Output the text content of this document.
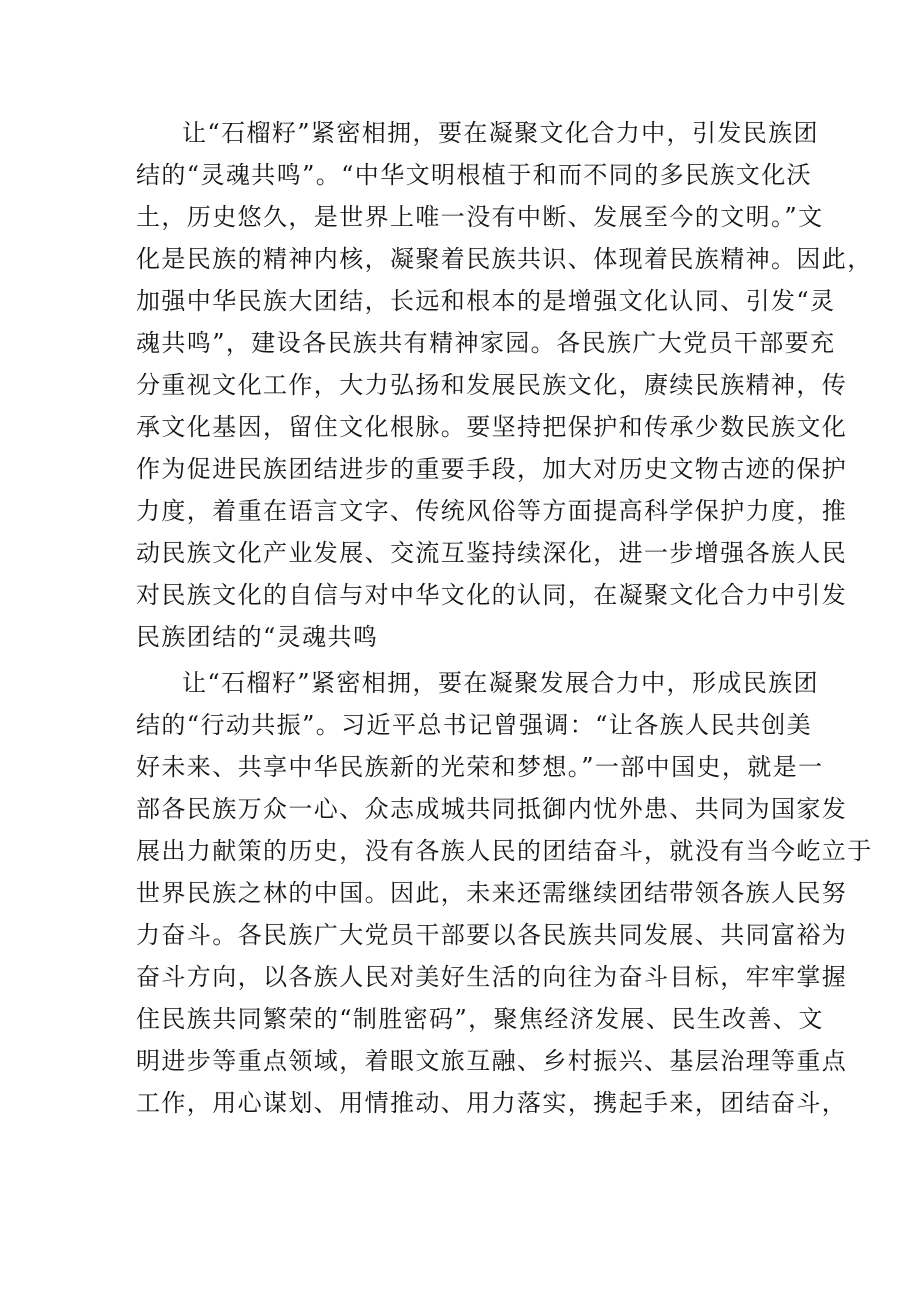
让“石榴籽”紧密相拥，要在凝聚文化合力中，引发民族团
结的“灵魂共鸣”。“中华文明根植于和而不同的多民族文化沃
土，历史悠久，是世界上唯一没有中断、发展至今的文明。”文
化是民族的精神内核，凝聚着民族共识、体现着民族精神。因此，
加强中华民族大团结，长远和根本的是增强文化认同、引发“灵
魂共鸣”，建设各民族共有精神家园。各民族广大党员干部要充
分重视文化工作，大力弘扬和发展民族文化，赓续民族精神，传
承文化基因，留住文化根脉。要坚持把保护和传承少数民族文化
作为促进民族团结进步的重要手段，加大对历史文物古迹的保护
力度，着重在语言文字、传统风俗等方面提高科学保护力度，推
动民族文化产业发展、交流互鉴持续深化，进一步增强各族人民
对民族文化的自信与对中华文化的认同，在凝聚文化合力中引发
民族团结的“灵魂共鸣
让“石榴籽”紧密相拥，要在凝聚发展合力中，形成民族团
结的“行动共振”。习近平总书记曾强调：“让各族人民共创美
好未来、共享中华民族新的光荣和梦想。”一部中国史，就是一
部各民族万众一心、众志成城共同抵御内忧外患、共同为国家发
展出力献策的历史，没有各族人民的团结奋斗，就没有当今屹立于
世界民族之林的中国。因此，未来还需继续团结带领各族人民努
力奋斗。各民族广大党员干部要以各民族共同发展、共同富裕为
奋斗方向，以各族人民对美好生活的向往为奋斗目标，牢牢掌握
住民族共同繁荣的“制胜密码”，聚焦经济发展、民生改善、文
明进步等重点领域，着眼文旅互融、乡村振兴、基层治理等重点
工作，用心谋划、用情推动、用力落实，携起手来，团结奋斗，
